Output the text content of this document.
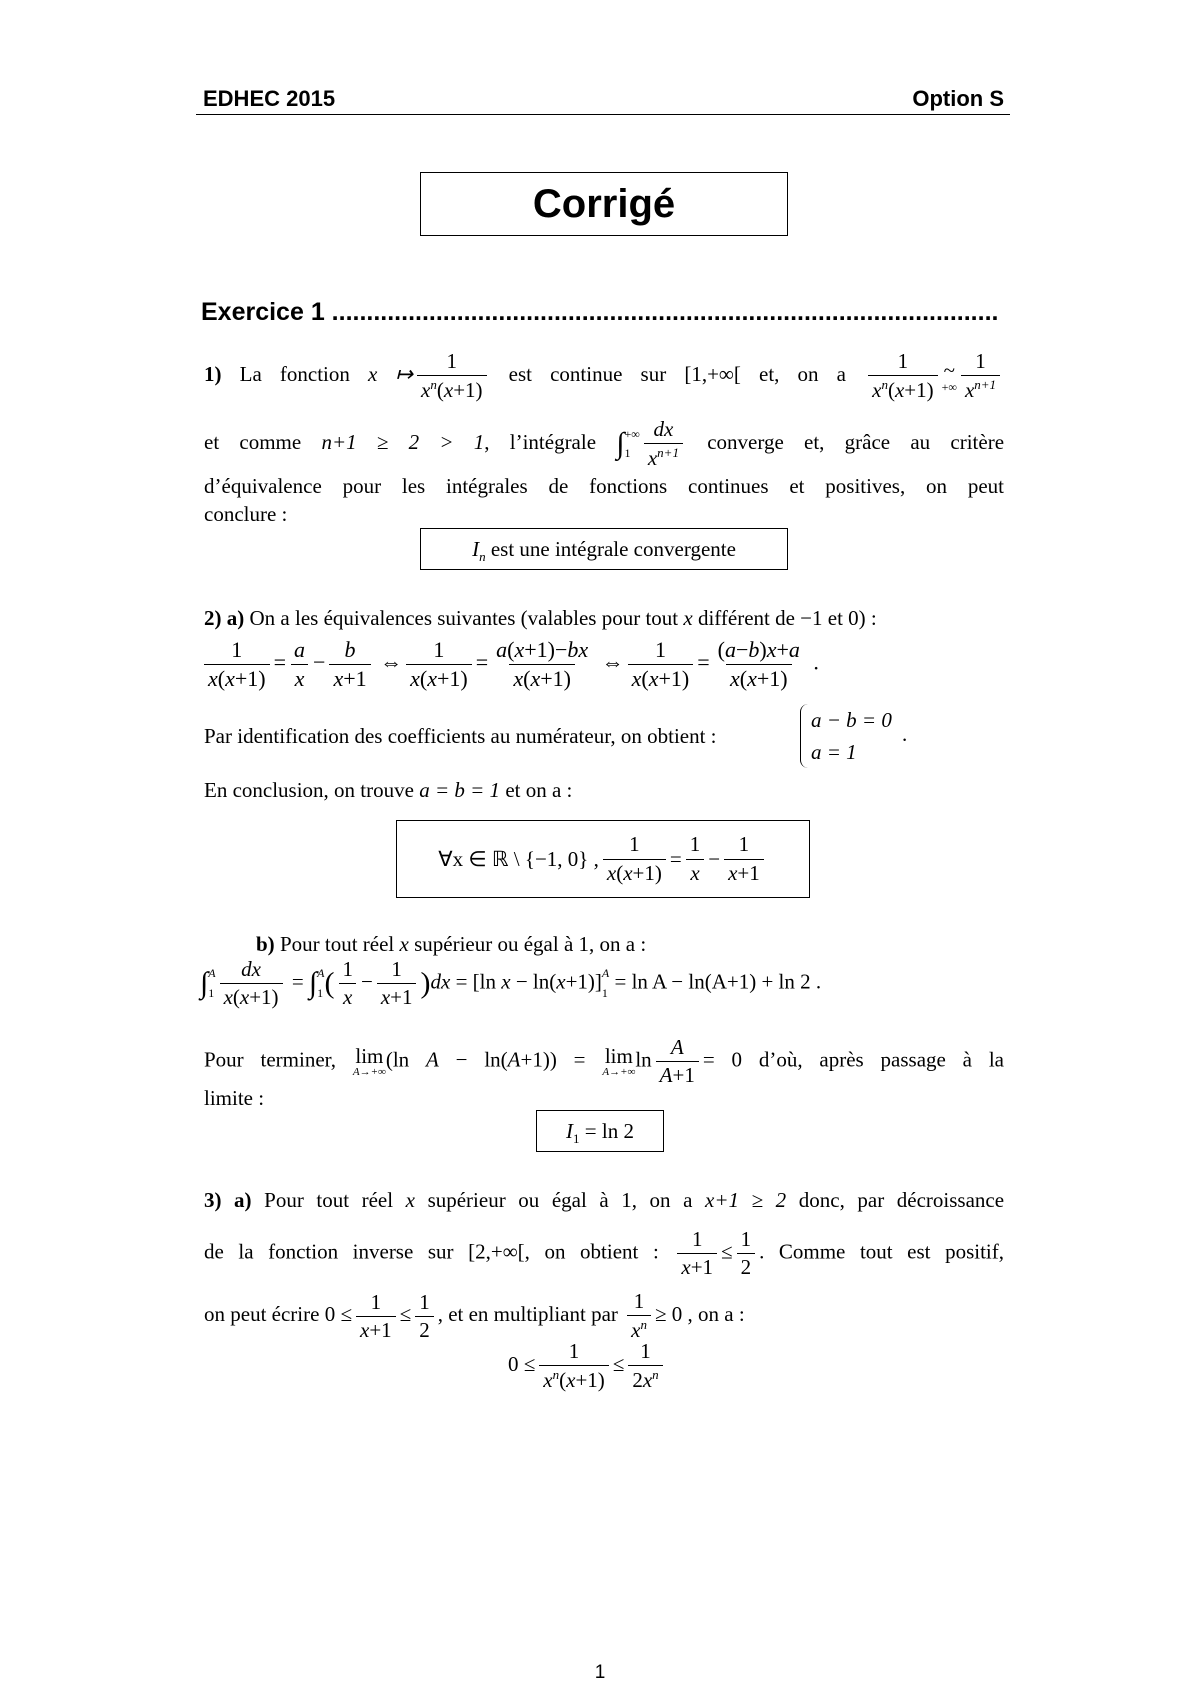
EDHEC 2015	Option S
Corrigé
Exercice 1 ................................................................................................
1) La fonction x ↦ $\frac{1}{x^n(x+1)}$ est continue sur [1,+∞[ et, on a $\frac{1}{x^n(x+1)}$ ~
+∞ $\frac{1}{x^{n+1}}$
et comme n+1 ≥ 2 > 1, l’intégrale ∫ +∞
$1 \frac{dx}{x^{n+1}}$ converge et, grâce au critère
d’équivalence pour les intégrales de fonctions continues et positives, on peut
conclure :
$I_n$ est une intégrale convergente
2) a) On a les équivalences suivantes (valables pour tout x différent de −1 et 0) :
$\frac{1}{x(x+1)} = \frac{a}{x} - \frac{b}{x+1}$ ⇔ $\frac{1}{x(x+1)} = \frac{a(x+1)-bx}{x(x+1)}$ ⇔ $\frac{1}{x(x+1)} = \frac{(a-b)x+a}{x(x+1)}$ .
Par identification des coefficients au numérateur, on obtient :
a − b = 0
a = 1
.
En conclusion, on trouve a = b = 1 et on a :
∀x ∈ ℝ \ {−1, 0} , $\frac{1}{x(x+1)} = \frac{1}{x} - \frac{1}{x+1}$
b) Pour tout réel x supérieur ou égal à 1, on a :
∫ A
$1 \frac{dx}{x(x+1)}$ = ∫ A
1 ( $\frac{1}{x} - \frac{1}{x+1} )dx = [\ln$ x − ln(x+1)] A
1 = ln A − ln(A+1) + ln 2 .
Pour terminer, lim
A→+∞
(ln A − ln(A+1)) = lim
A→+∞
$\ln \frac{A}{A+1} = 0$ d’où, après passage à la
limite :
$I_1 = \ln 2$
3) a) Pour tout réel x supérieur ou égal à 1, on a x+1 ≥ 2 donc, par décroissance
de la fonction inverse sur [2,+∞[, on obtient : $\frac{1}{x+1} \le \frac{1}{2}$ . Comme tout est positif,
on peut écrire $0 \le \frac{1}{x+1} \le \frac{1}{2}$ , et en multipliant par $\frac{1}{x^n} \ge 0$ , on a :
$0 \le \frac{1}{x^n(x+1)} \le \frac{1}{2x^n}$
1
